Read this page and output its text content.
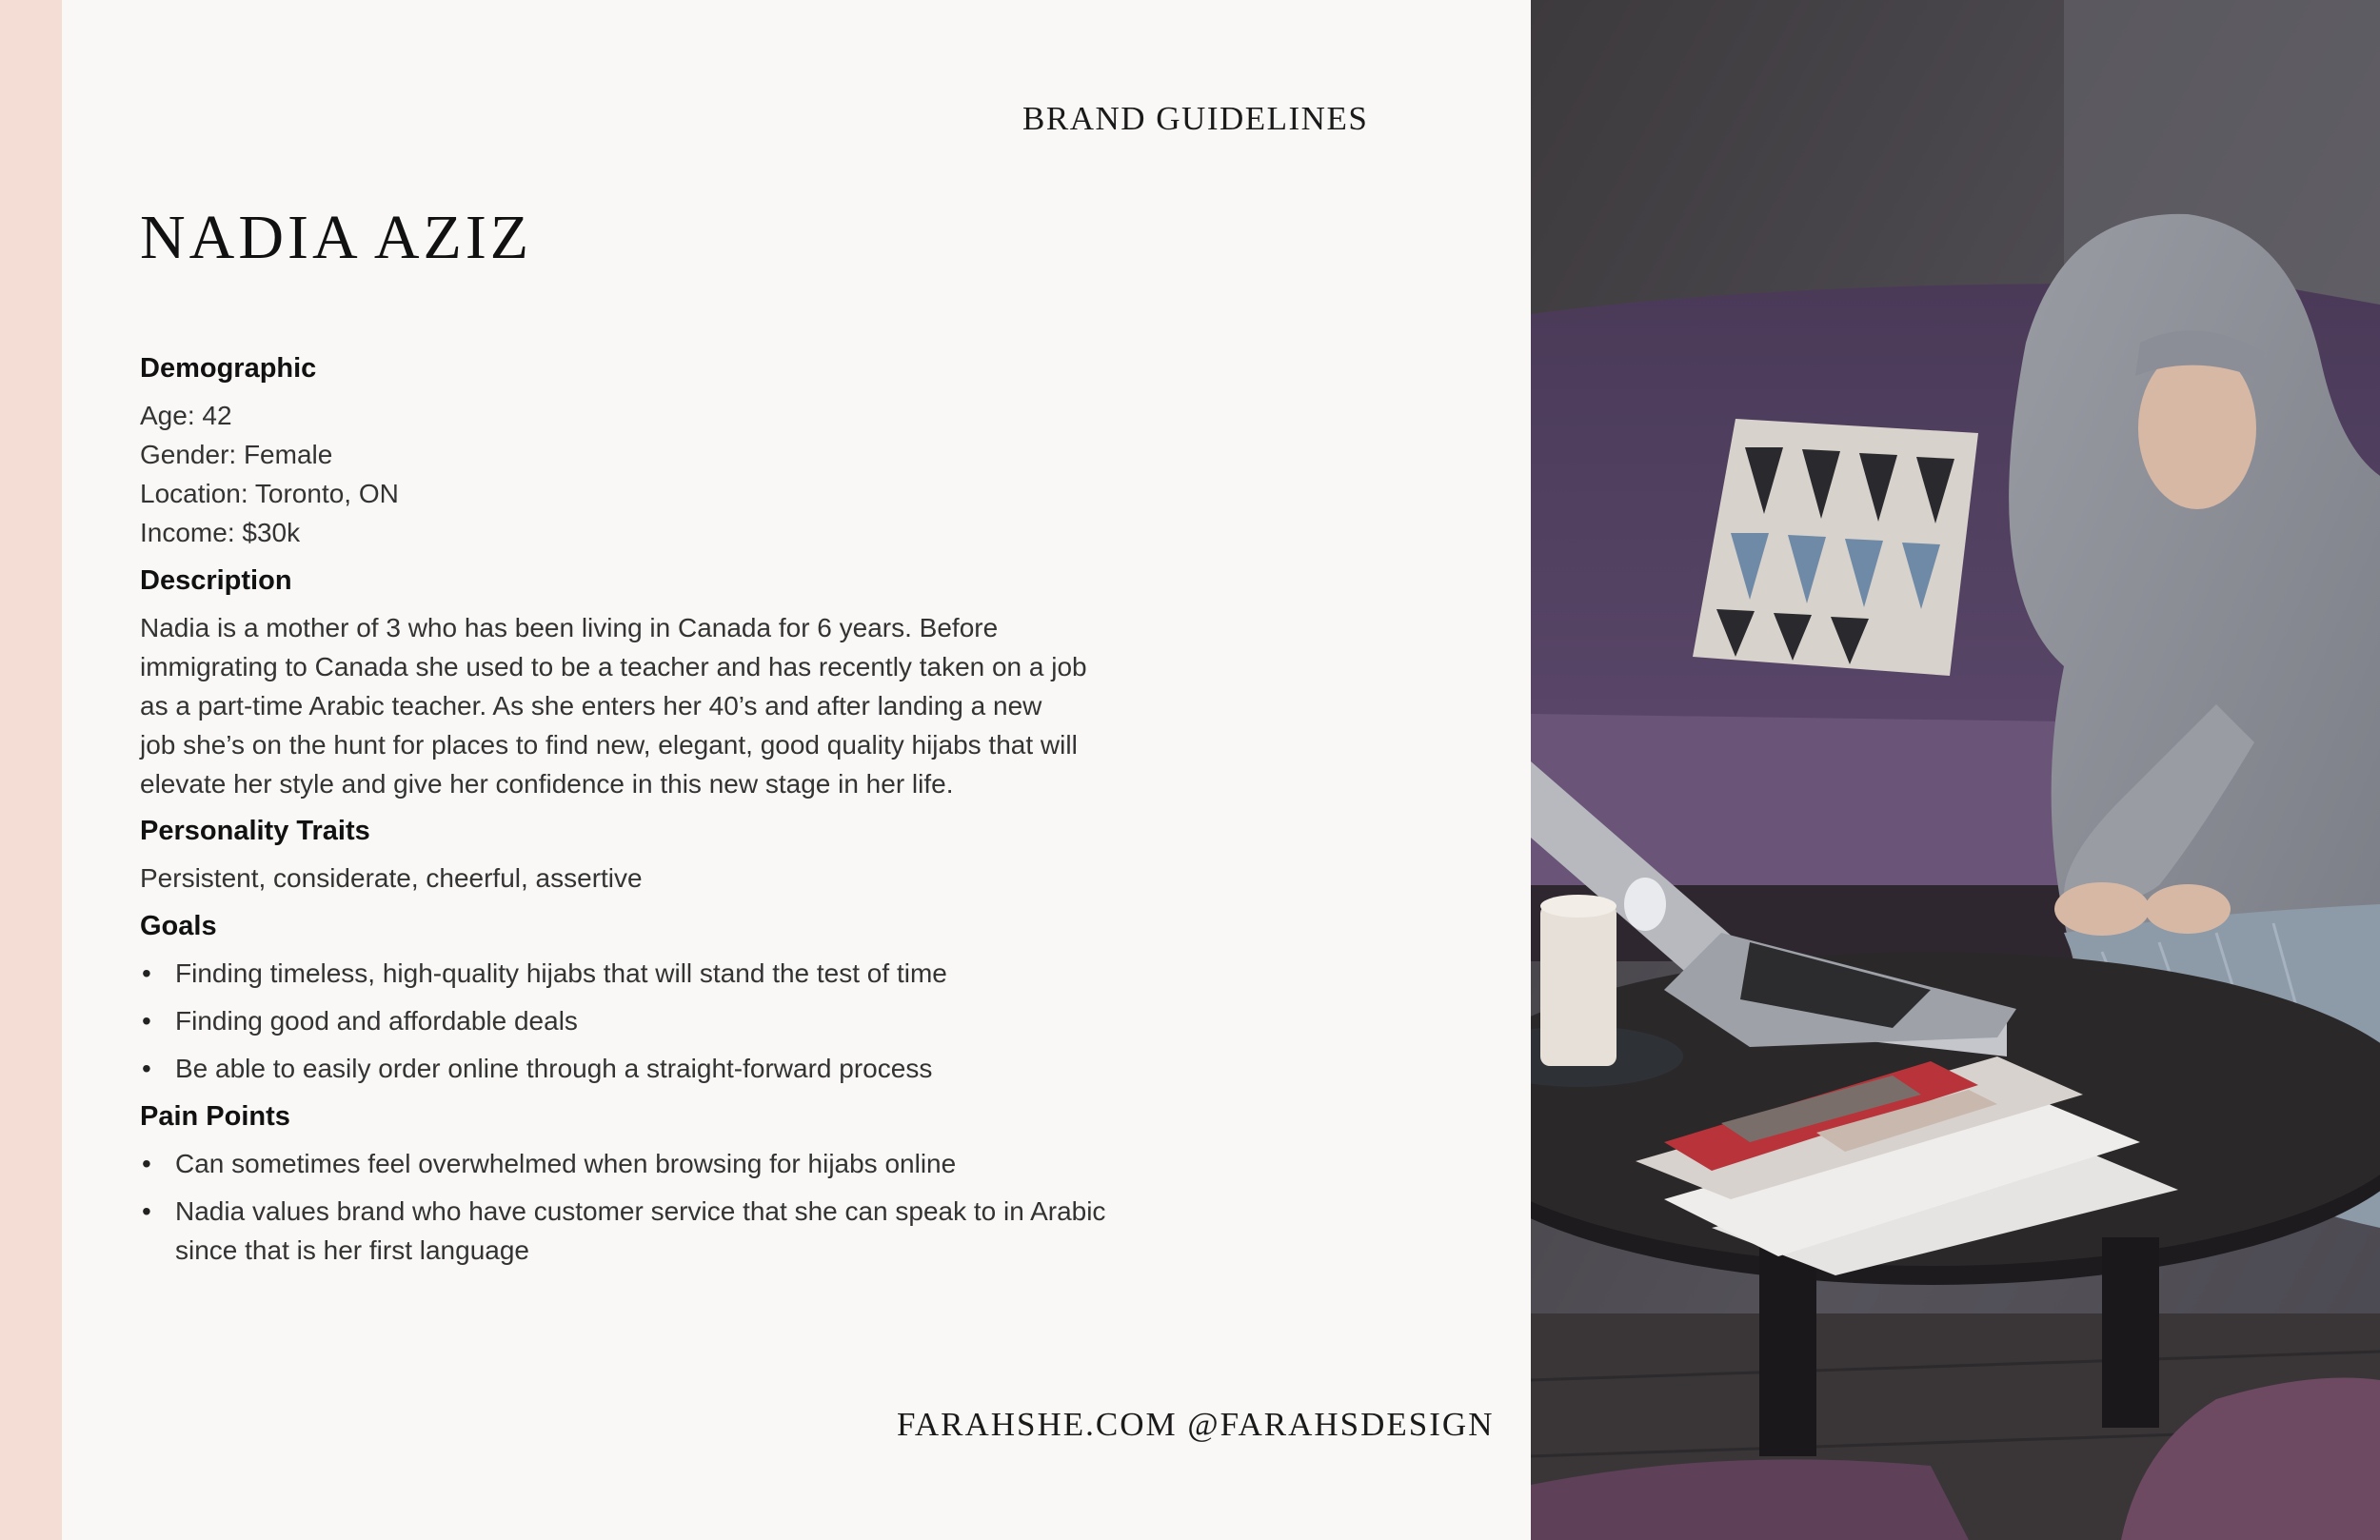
BRAND GUIDELINES
NADIA AZIZ
Demographic
Age: 42
Gender: Female
Location: Toronto, ON
Income: $30k
Description
Nadia is a mother of 3 who has been living in Canada for 6 years. Before
immigrating to Canada she used to be a teacher and has recently taken on a job
as a part-time Arabic teacher. As she enters her 40’s and after landing a new
job she’s on the hunt for places to find new, elegant, good quality hijabs that will
elevate her style and give her confidence in this new stage in her life.
Personality Traits
Persistent, considerate, cheerful, assertive
Goals
• Finding timeless, high-quality hijabs that will stand the test of time
• Finding good and affordable deals
• Be able to easily order online through a straight-forward process
Pain Points
• Can sometimes feel overwhelmed when browsing for hijabs online
• Nadia values brand who have customer service that she can speak to in Arabic
since that is her first language
FARAHSHE.COM @FARAHSDESIGN
